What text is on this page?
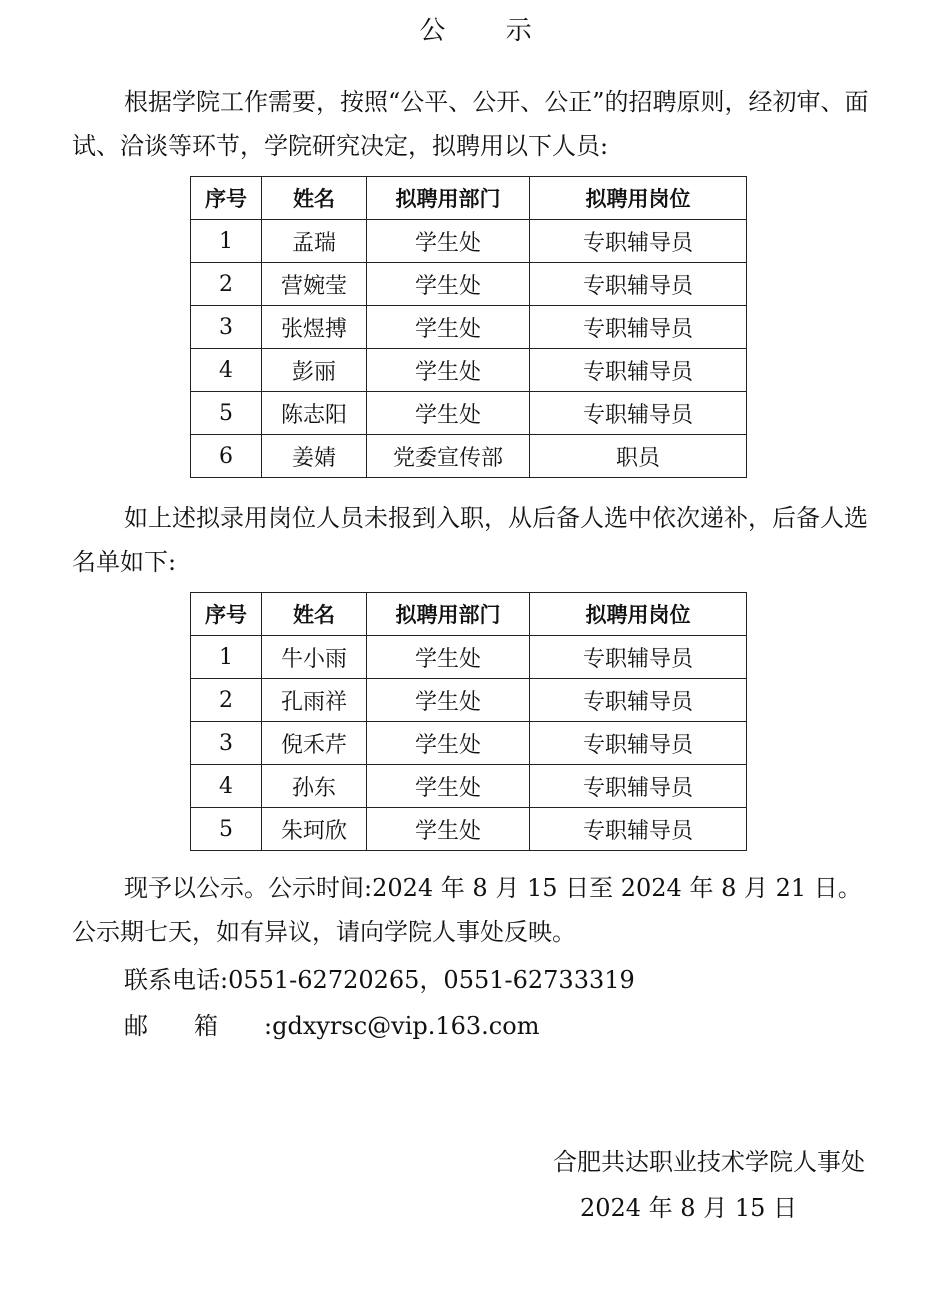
公 示

根据学院工作需要，按照“公平、公开、公正”的招聘原则，经初审、面试、洽谈等环节，学院研究决定，拟聘用以下人员:

序号	姓名	拟聘用部门	拟聘用岗位
1	孟瑞	学生处	专职辅导员
2	营婉莹	学生处	专职辅导员
3	张煜搏	学生处	专职辅导员
4	彭丽	学生处	专职辅导员
5	陈志阳	学生处	专职辅导员
6	姜婧	党委宣传部	职员

如上述拟录用岗位人员未报到入职，从后备人选中依次递补，后备人选名单如下:

序号	姓名	拟聘用部门	拟聘用岗位
1	牛小雨	学生处	专职辅导员
2	孔雨祥	学生处	专职辅导员
3	倪禾芹	学生处	专职辅导员
4	孙东	学生处	专职辅导员
5	朱珂欣	学生处	专职辅导员

现予以公示。公示时间:2024 年 8 月 15 日至 2024 年 8 月 21 日。公示期七天，如有异议，请向学院人事处反映。

联系电话:0551-62720265，0551-62733319
邮箱:gdxyrsc@vip.163.com
合肥共达职业技术学院人事处
2024 年 8 月 15 日
